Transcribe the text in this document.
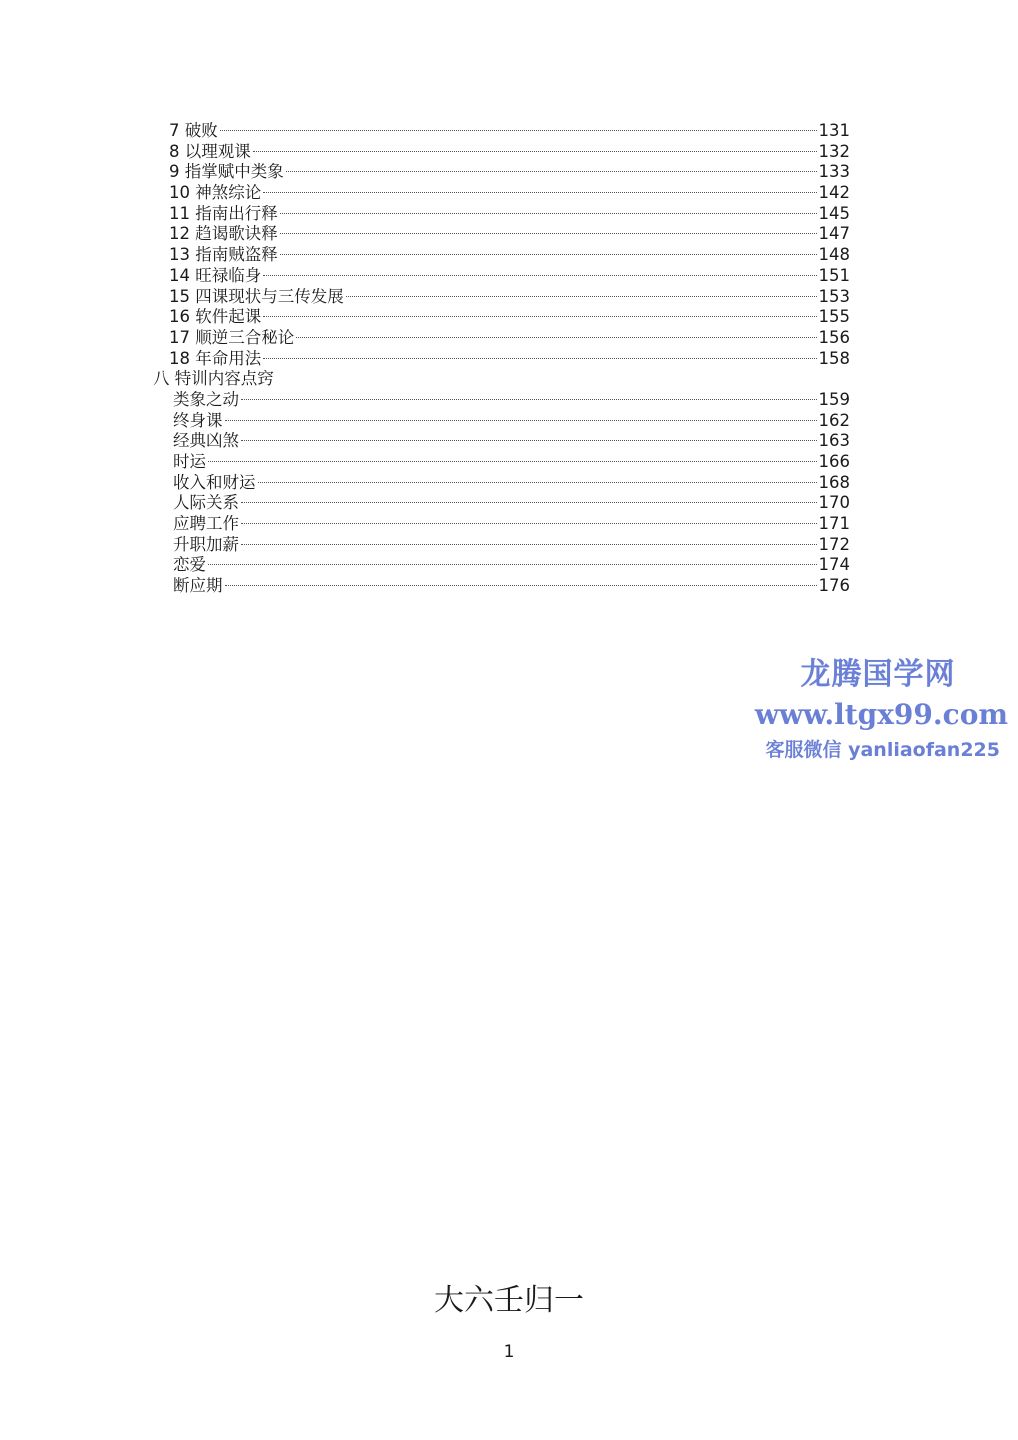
7 破败	131
8 以理观课	132
9 指掌赋中类象	133
10 神煞综论	142
11 指南出行释	145
12 趋谒歌诀释	147
13 指南贼盗释	148
14 旺禄临身	151
15 四课现状与三传发展	153
16 软件起课	155
17 顺逆三合秘论	156
18 年命用法	158
八 特训内容点窍
类象之动	159
终身课	162
经典凶煞	163
时运	166
收入和财运	168
人际关系	170
应聘工作	171
升职加薪	172
恋爱	174
断应期	176
龙腾国学网
www.ltgx99.com
客服微信 yanliaofan225
大六壬归一
1
